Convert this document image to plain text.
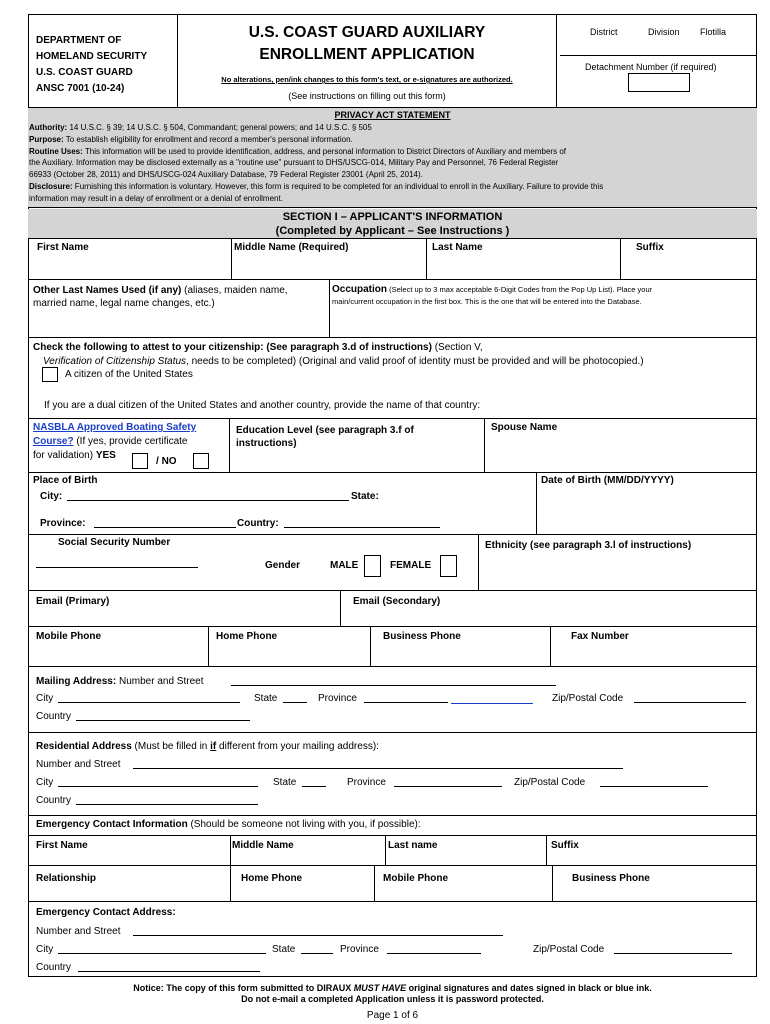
DEPARTMENT OF
HOMELAND SECURITY
U.S. COAST GUARD
ANSC 7001 (10-24)
U.S. COAST GUARD AUXILIARY
ENROLLMENT APPLICATION
No alterations, pen/ink changes to this form's text, or e-signatures are authorized.
(See instructions on filling out this form)
District	Division Flotilla
Detachment Number (if required)
PRIVACY ACT STATEMENT
Authority: 14 U.S.C. § 39; 14 U.S.C. § 504, Commandant; general powers; and 14 U.S.C. § 505
Purpose: To establish eligibility for enrollment and record a member's personal information.
Routine Uses: This information will be used to provide identification, address, and personal information to District Directors of Auxiliary and members of
the Auxiliary. Information may be disclosed externally as a "routine use" pursuant to DHS/USCG-014, Military Pay and Personnel, 76 Federal Register
66933 (October 28, 2011) and DHS/USCG-024 Auxiliary Database, 79 Federal Register 23001 (April 25, 2014).
Disclosure: Furnishing this information is voluntary. However, this form is required to be completed for an individual to enroll in the Auxiliary. Failure to provide this
information may result in a delay of enrollment or a denial of enrollment.
SECTION I – APPLICANT'S INFORMATION
(Completed by Applicant – See Instructions )
First Name	Middle Name (Required)	Last Name	Suffix
Other Last Names Used (if any) (aliases, maiden name,
married name, legal name changes, etc.)
Occupation (Select up to 3 max acceptable 6-Digit Codes from the Pop Up List). Place your
main/current occupation in the first box. This is the one that will be entered into the Database.
Check the following to attest to your citizenship: (See paragraph 3.d of instructions) (Section V,
Verification of Citizenship Status, needs to be completed) (Original and valid proof of identity must be provided and will be photocopied.)
A citizen of the United States
If you are a dual citizen of the United States and another country, provide the name of that country:
NASBLA Approved Boating Safety
Course? (If yes, provide certificate
for validation) YES
/ NO
Education Level (see paragraph 3.f of
instructions)
Spouse Name
Place of Birth	Date of Birth (MM/DD/YYYY)
City:	State:
Province:	Country:
Social Security Number
Gender	MALE	FEMALE
Ethnicity (see paragraph 3.l of instructions)
Email (Primary)	Email (Secondary)
Mobile Phone	Home Phone	Business Phone	Fax Number
Mailing Address: Number and Street
City	State	Province	Zip/Postal Code
Country
Residential Address (Must be filled in if different from your mailing address):
Number and Street
City	State	Province	Zip/Postal Code
Country
Emergency Contact Information (Should be someone not living with you, if possible):
First Name	Middle Name	Last name	Suffix
Relationship	Home Phone	Mobile Phone	Business Phone
Emergency Contact Address:
Number and Street
City	State	Province	Zip/Postal Code
Country
Notice: The copy of this form submitted to DIRAUX MUST HAVE original signatures and dates signed in black or blue ink.
Do not e-mail a completed Application unless it is password protected.
Page 1 of 6
